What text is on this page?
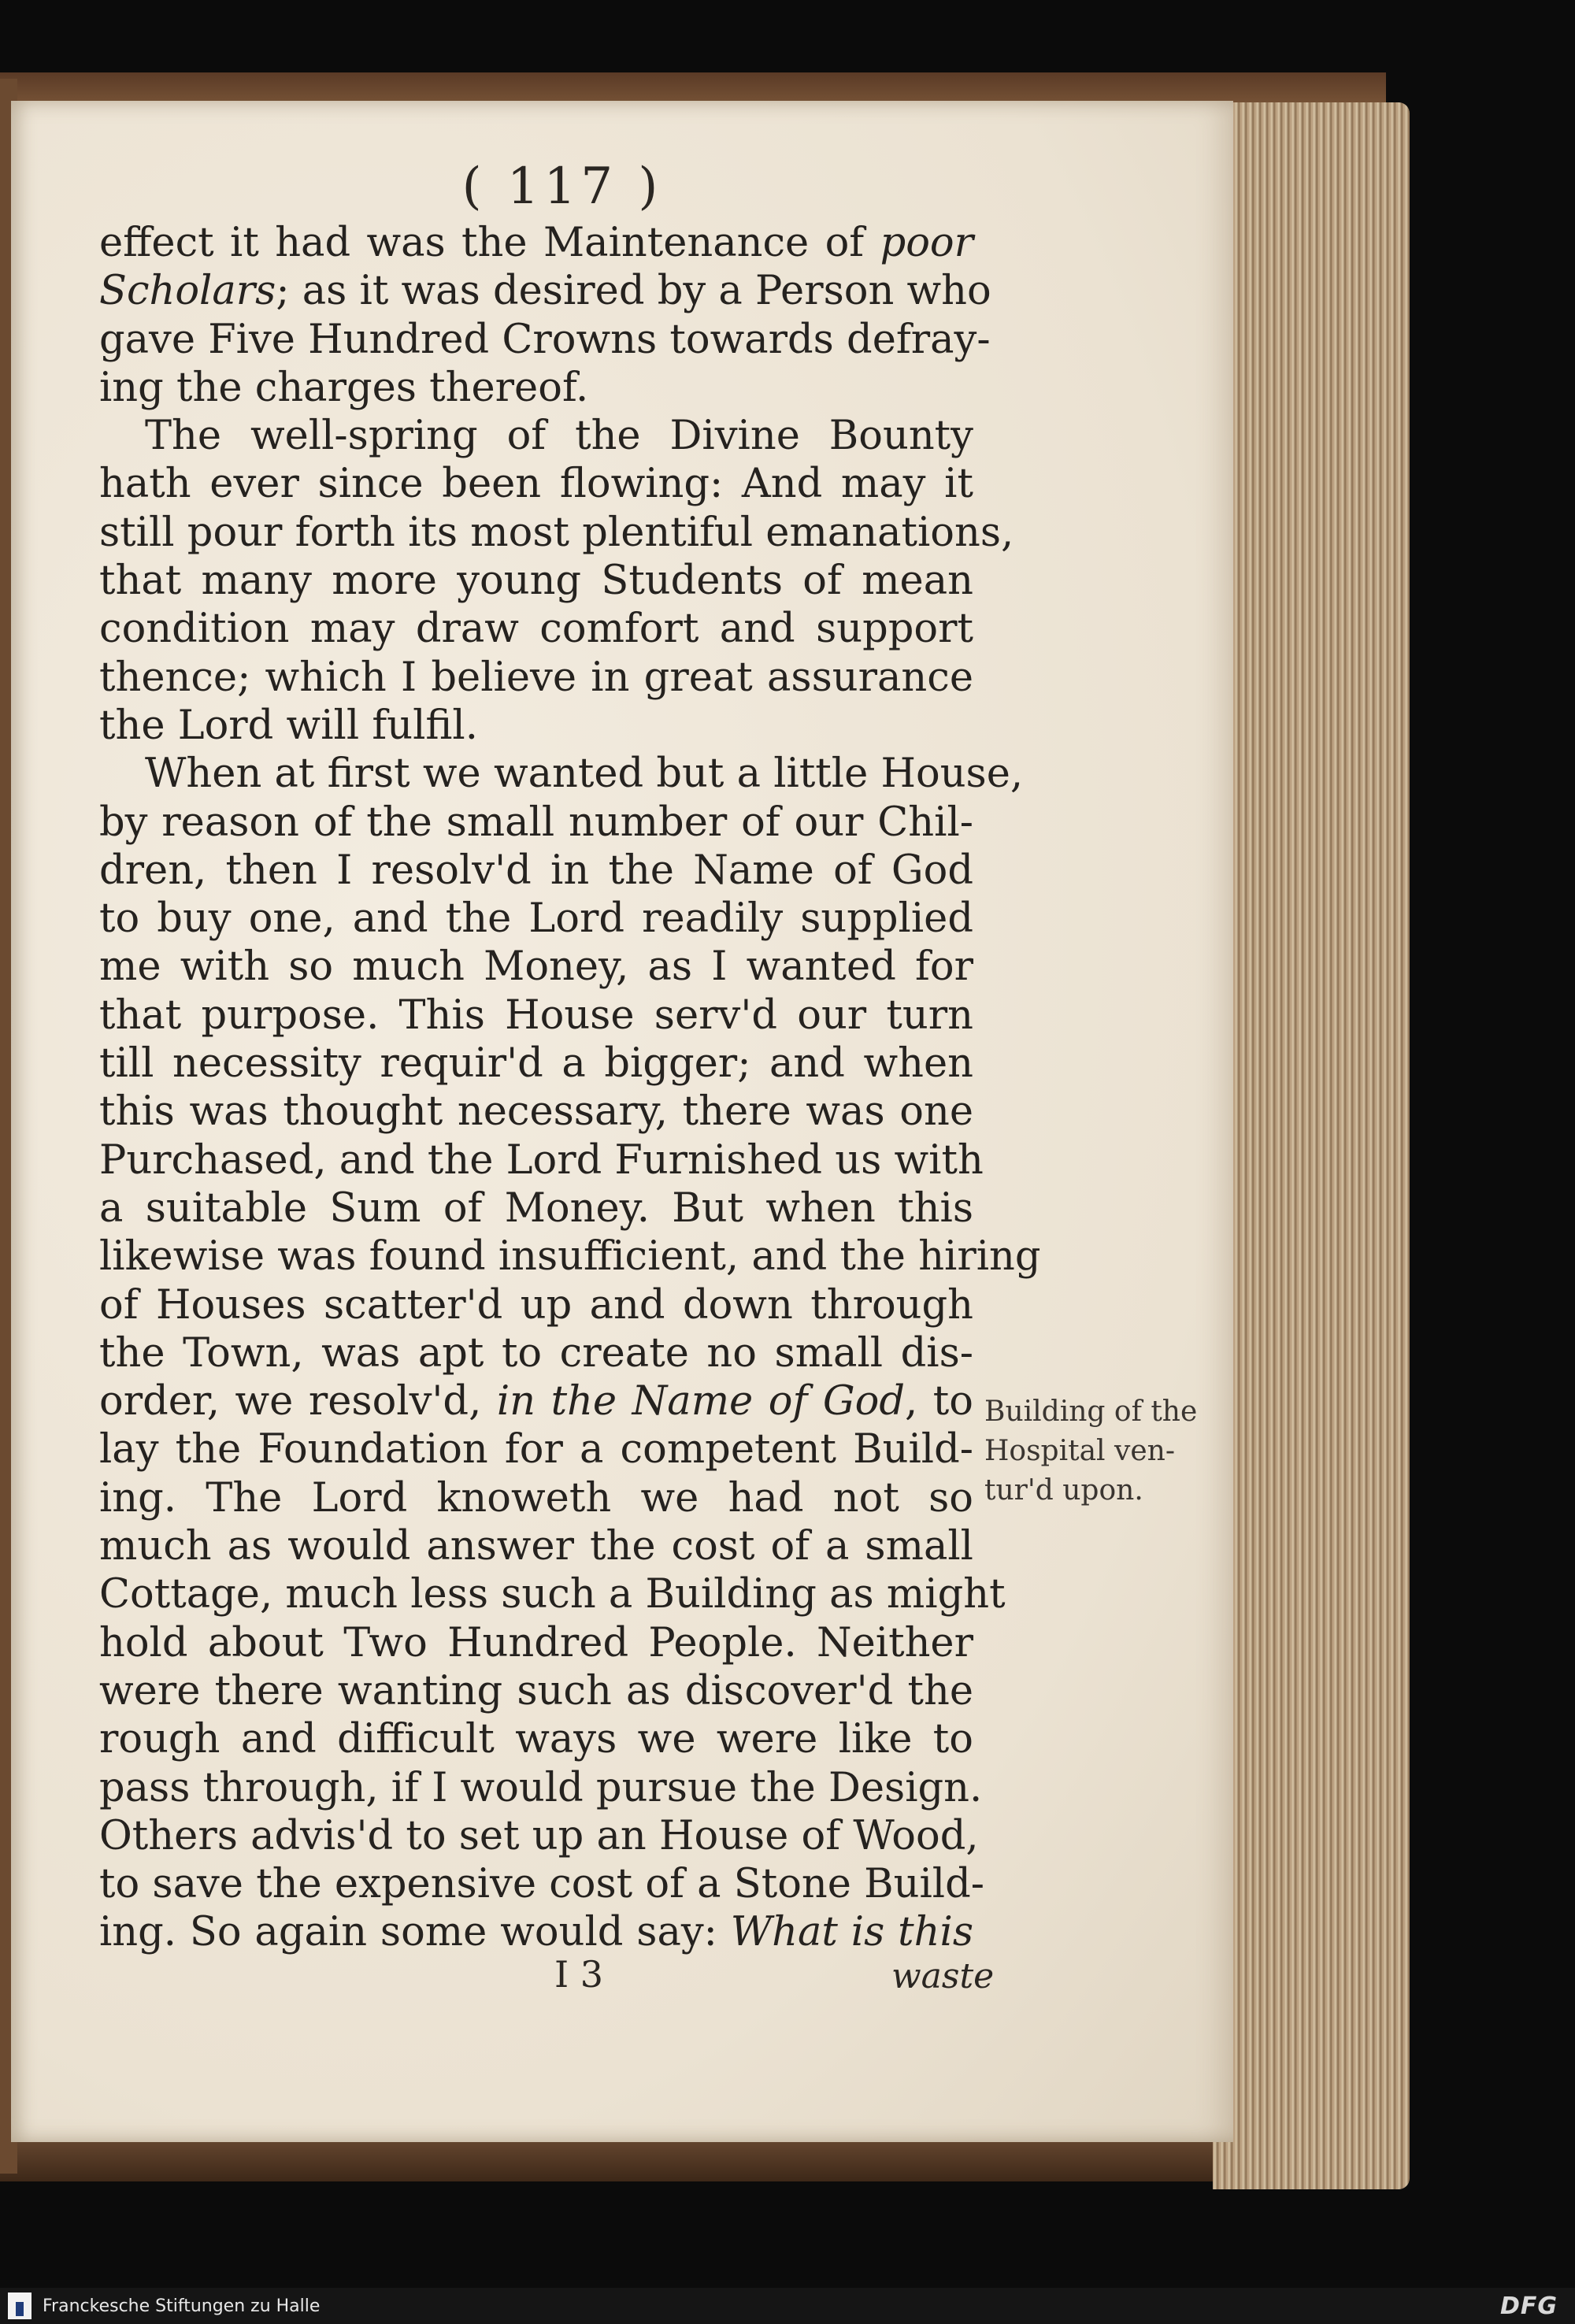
( 117 )
effect it had was the Maintenance of poor
Scholars; as it was desired by a Person who
gave Five Hundred Crowns towards defray-
ing the charges thereof.
The well-spring of the Divine Bounty
hath ever since been flowing: And may it
still pour forth its most plentiful emanations,
that many more young Students of mean
condition may draw comfort and support
thence; which I believe in great assurance
the Lord will fulfil.
When at first we wanted but a little House,
by reason of the small number of our Chil-
dren, then I resolv'd in the Name of God
to buy one, and the Lord readily supplied
me with so much Money, as I wanted for
that purpose. This House serv'd our turn
till necessity requir'd a bigger; and when
this was thought necessary, there was one
Purchased, and the Lord Furnished us with
a suitable Sum of Money. But when this
likewise was found insufficient, and the hiring
of Houses scatter'd up and down through
the Town, was apt to create no small dis-
order, we resolv'd, in the Name of God, to
lay the Foundation for a competent Build-
ing. The Lord knoweth we had not so
much as would answer the cost of a small
Cottage, much less such a Building as might
hold about Two Hundred People. Neither
were there wanting such as discover'd the
rough and difficult ways we were like to
pass through, if I would pursue the Design.
Others advis'd to set up an House of Wood,
to save the expensive cost of a Stone Build-
ing. So again some would say: What is this
Building of the
Hospital ven-
tur'd upon.
I 3	waste
Franckesche Stiftungen zu Halle	DFG
